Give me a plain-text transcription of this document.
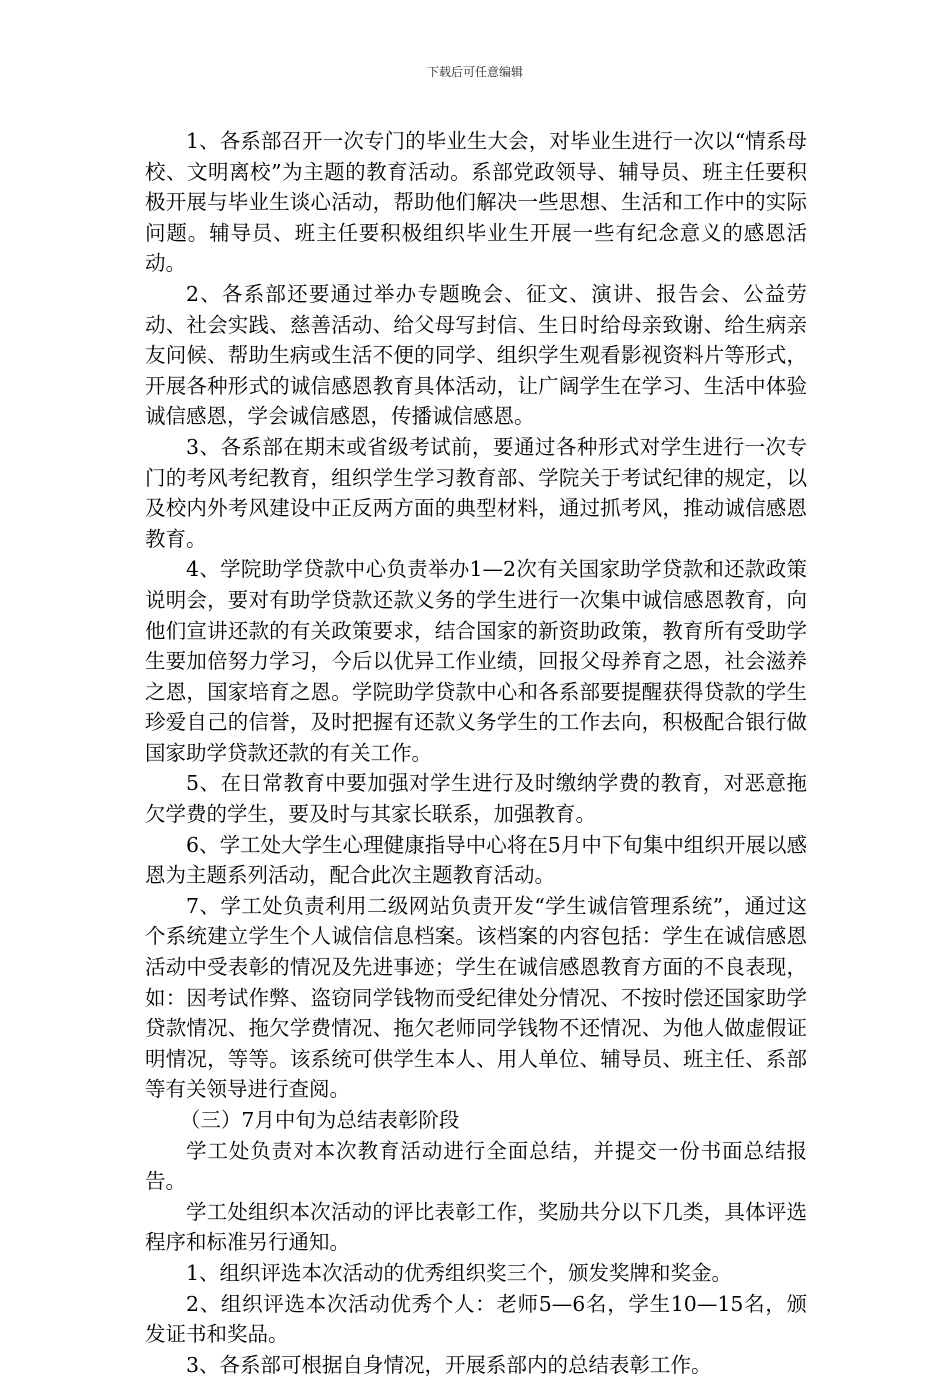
下载后可任意编辑

1、各系部召开一次专门的毕业生大会，对毕业生进行一次以“情系母校、文明离校”为主题的教育活动。系部党政领导、辅导员、班主任要积极开展与毕业生谈心活动，帮助他们解决一些思想、生活和工作中的实际问题。辅导员、班主任要积极组织毕业生开展一些有纪念意义的感恩活动。

2、各系部还要通过举办专题晚会、征文、演讲、报告会、公益劳动、社会实践、慈善活动、给父母写封信、生日时给母亲致谢、给生病亲友问候、帮助生病或生活不便的同学、组织学生观看影视资料片等形式，开展各种形式的诚信感恩教育具体活动，让广阔学生在学习、生活中体验诚信感恩，学会诚信感恩，传播诚信感恩。

3、各系部在期末或省级考试前，要通过各种形式对学生进行一次专门的考风考纪教育，组织学生学习教育部、学院关于考试纪律的规定，以及校内外考风建设中正反两方面的典型材料，通过抓考风，推动诚信感恩教育。

4、学院助学贷款中心负责举办1—2次有关国家助学贷款和还款政策说明会，要对有助学贷款还款义务的学生进行一次集中诚信感恩教育，向他们宣讲还款的有关政策要求，结合国家的新资助政策，教育所有受助学生要加倍努力学习，今后以优异工作业绩，回报父母养育之恩，社会滋养之恩，国家培育之恩。学院助学贷款中心和各系部要提醒获得贷款的学生珍爱自己的信誉，及时把握有还款义务学生的工作去向，积极配合银行做国家助学贷款还款的有关工作。

5、在日常教育中要加强对学生进行及时缴纳学费的教育，对恶意拖欠学费的学生，要及时与其家长联系，加强教育。

6、学工处大学生心理健康指导中心将在5月中下旬集中组织开展以感恩为主题系列活动，配合此次主题教育活动。

7、学工处负责利用二级网站负责开发“学生诚信管理系统”，通过这个系统建立学生个人诚信信息档案。该档案的内容包括：学生在诚信感恩活动中受表彰的情况及先进事迹；学生在诚信感恩教育方面的不良表现，如：因考试作弊、盗窃同学钱物而受纪律处分情况、不按时偿还国家助学贷款情况、拖欠学费情况、拖欠老师同学钱物不还情况、为他人做虚假证明情况，等等。该系统可供学生本人、用人单位、辅导员、班主任、系部等有关领导进行查阅。

（三）7月中旬为总结表彰阶段

学工处负责对本次教育活动进行全面总结，并提交一份书面总结报告。

学工处组织本次活动的评比表彰工作，奖励共分以下几类，具体评选程序和标准另行通知。

1、组织评选本次活动的优秀组织奖三个，颁发奖牌和奖金。

2、组织评选本次活动优秀个人：老师5—6名，学生10—15名，颁发证书和奖品。

3、各系部可根据自身情况，开展系部内的总结表彰工作。
